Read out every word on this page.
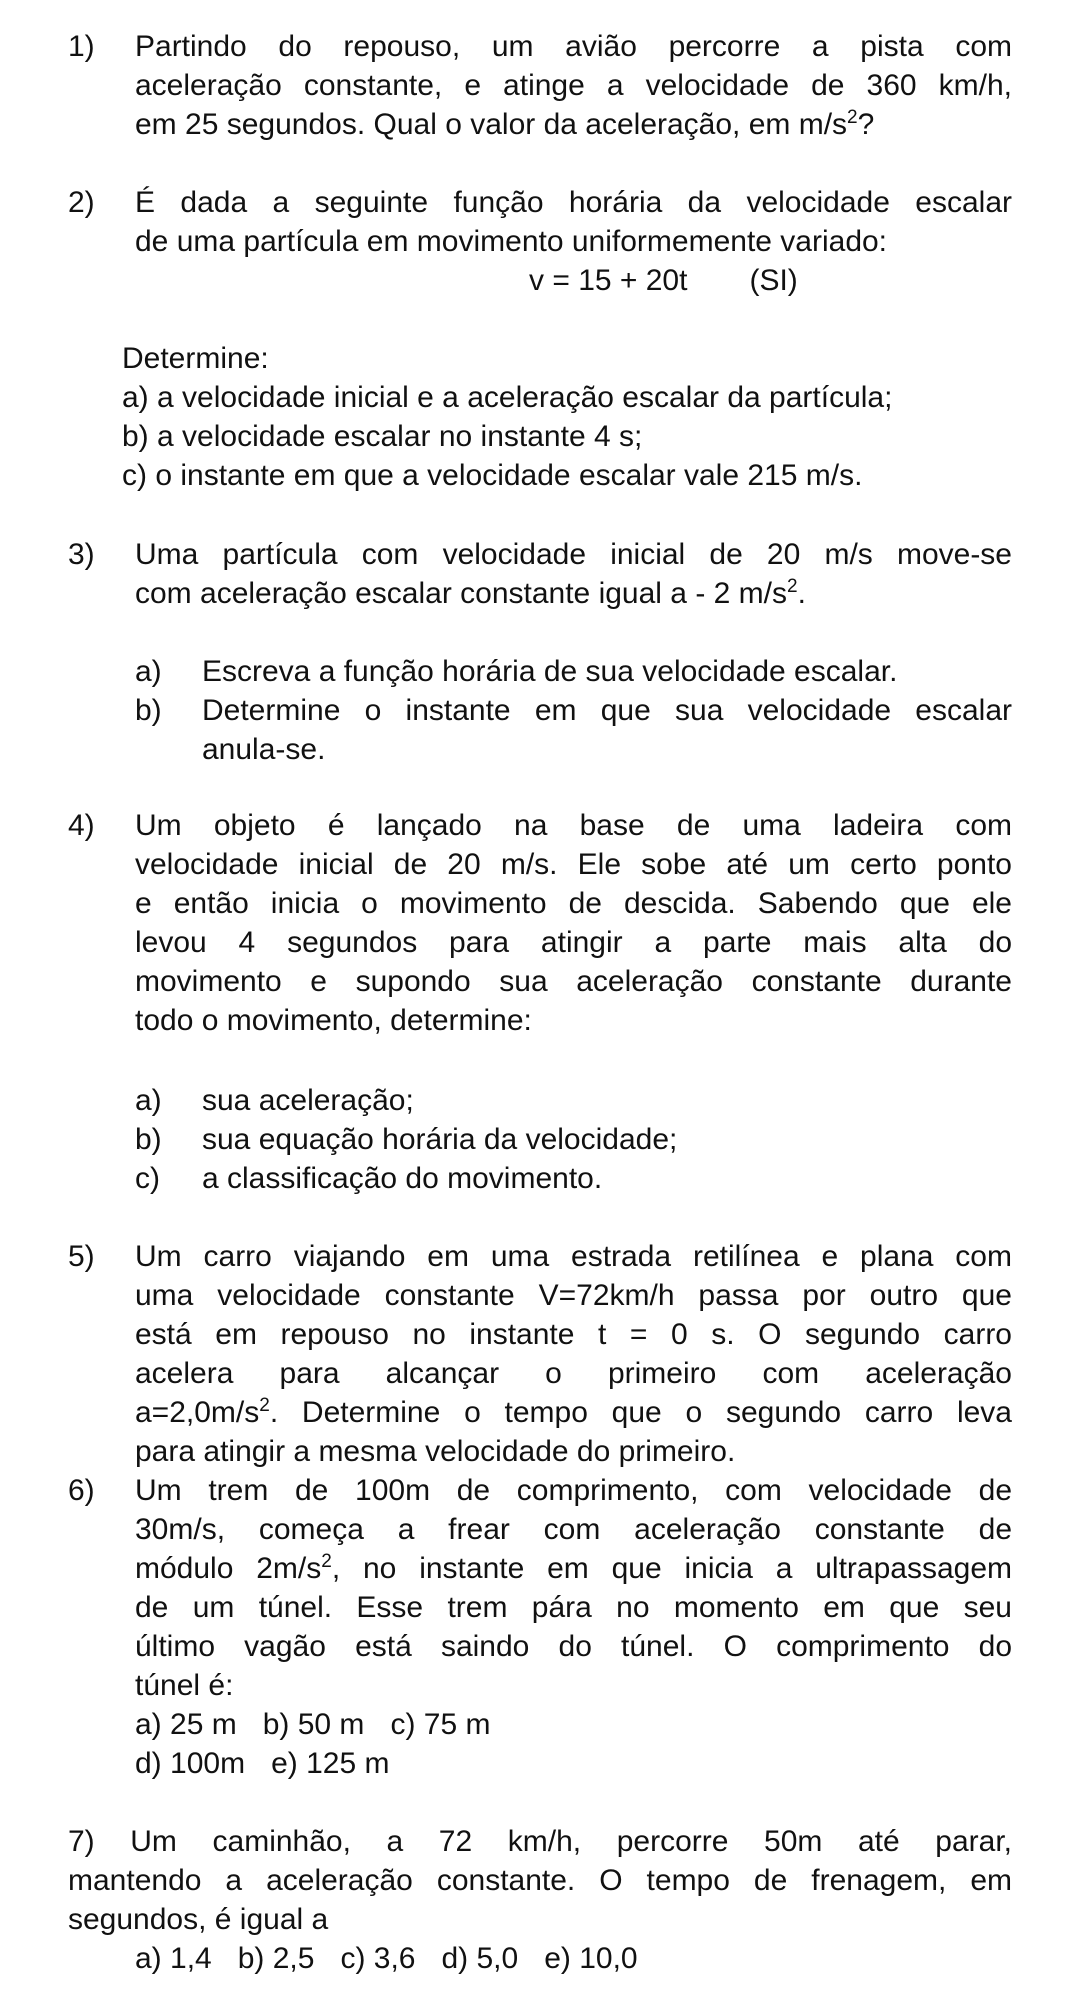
1)	Partindo do repouso, um avião percorre a pista com
aceleração constante, e atinge a velocidade de 360 km/h,
em 25 segundos. Qual o valor da aceleração, em $m/s^2$?
2)	É dada a seguinte função horária da velocidade escalar
de uma partícula em movimento uniformemente variado:
v = 15 + 20t (SI)
Determine:
a) a velocidade inicial e a aceleração escalar da partícula;
b) a velocidade escalar no instante 4 s;
c) o instante em que a velocidade escalar vale 215 m/s.
3)	Uma partícula com velocidade inicial de 20 m/s move-se
com aceleração escalar constante igual a - 2 $m/s^2$.
a) Escreva a função horária de sua velocidade escalar.
b) Determine o instante em que sua velocidade escalar
anula-se.
4)	Um objeto é lançado na base de uma ladeira com
velocidade inicial de 20 m/s. Ele sobe até um certo ponto
e então inicia o movimento de descida. Sabendo que ele
levou 4 segundos para atingir a parte mais alta do
movimento e supondo sua aceleração constante durante
todo o movimento, determine:
a) sua aceleração;
b) sua equação horária da velocidade;
c) a classificação do movimento.
5)	Um carro viajando em uma estrada retilínea e plana com
uma velocidade constante V=72km/h passa por outro que
está em repouso no instante t = 0 s. O segundo carro
acelera para alcançar o primeiro com aceleração
$a=2,0m/s^2$. Determine o tempo que o segundo carro leva
para atingir a mesma velocidade do primeiro.
6)	Um trem de 100m de comprimento, com velocidade de
30m/s, começa a frear com aceleração constante de
módulo $2m/s^2$, no instante em que inicia a ultrapassagem
de um túnel. Esse trem pára no momento em que seu
último vagão está saindo do túnel. O comprimento do
túnel é:
a) 25 m b) 50 m c) 75 m
d) 100m e) 125 m
7) Um caminhão, a 72 km/h, percorre 50m até parar,
mantendo a aceleração constante. O tempo de frenagem, em
segundos, é igual a
a) 1,4 b) 2,5 c) 3,6 d) 5,0 e) 10,0
